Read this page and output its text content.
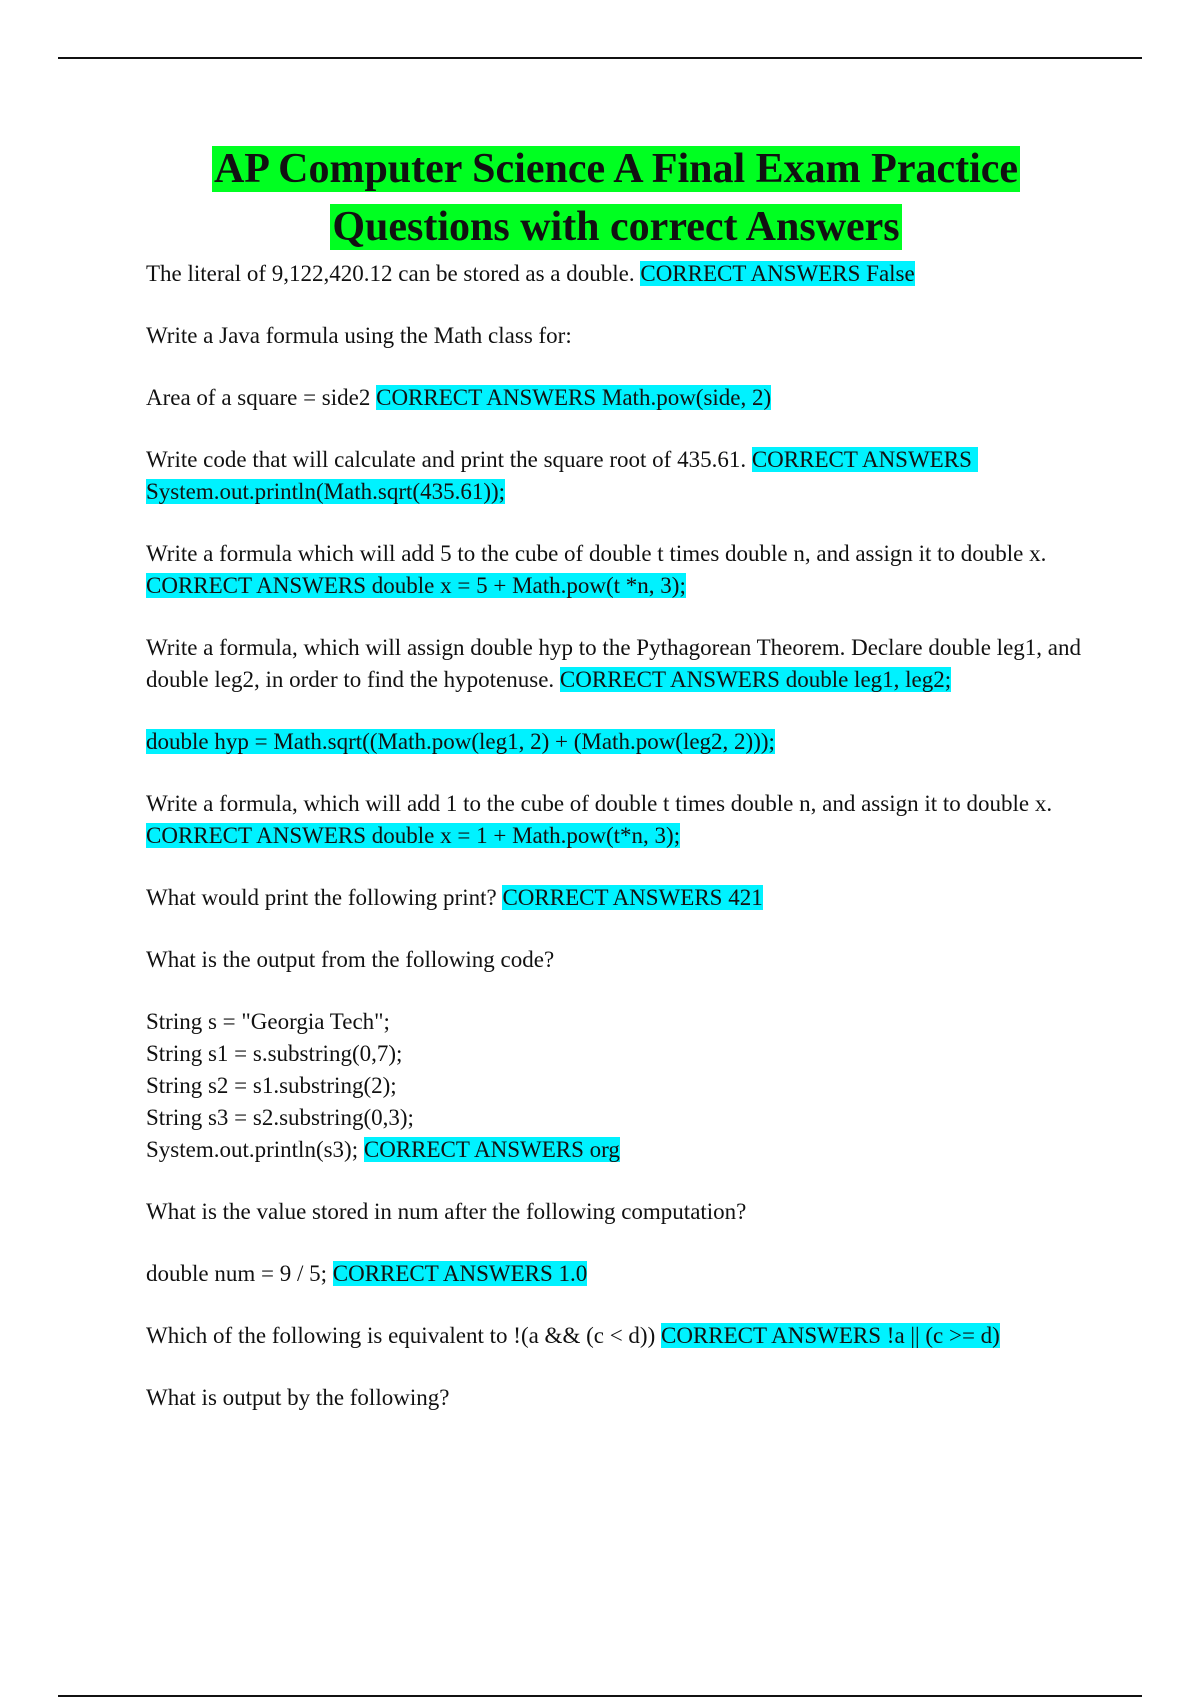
AP Computer Science A Final Exam Practice
Questions with correct Answers

The literal of 9,122,420.12 can be stored as a double. CORRECT ANSWERS False

Write a Java formula using the Math class for:

Area of a square = side2 CORRECT ANSWERS Math.pow(side, 2)

Write code that will calculate and print the square root of 435.61. CORRECT ANSWERS System.out.println(Math.sqrt(435.61));

Write a formula which will add 5 to the cube of double t times double n, and assign it to double x. CORRECT ANSWERS double x = 5 + Math.pow(t *n, 3);

Write a formula, which will assign double hyp to the Pythagorean Theorem. Declare double leg1, and double leg2, in order to find the hypotenuse. CORRECT ANSWERS double leg1, leg2;

double hyp = Math.sqrt((Math.pow(leg1, 2) + (Math.pow(leg2, 2)));

Write a formula, which will add 1 to the cube of double t times double n, and assign it to double x. CORRECT ANSWERS double x = 1 + Math.pow(t*n, 3);

What would print the following print? CORRECT ANSWERS 421

What is the output from the following code?

String s = "Georgia Tech";
String s1 = s.substring(0,7);
String s2 = s1.substring(2);
String s3 = s2.substring(0,3);
System.out.println(s3); CORRECT ANSWERS org

What is the value stored in num after the following computation?

double num = 9 / 5; CORRECT ANSWERS 1.0

Which of the following is equivalent to !(a && (c < d)) CORRECT ANSWERS !a || (c >= d)

What is output by the following?
